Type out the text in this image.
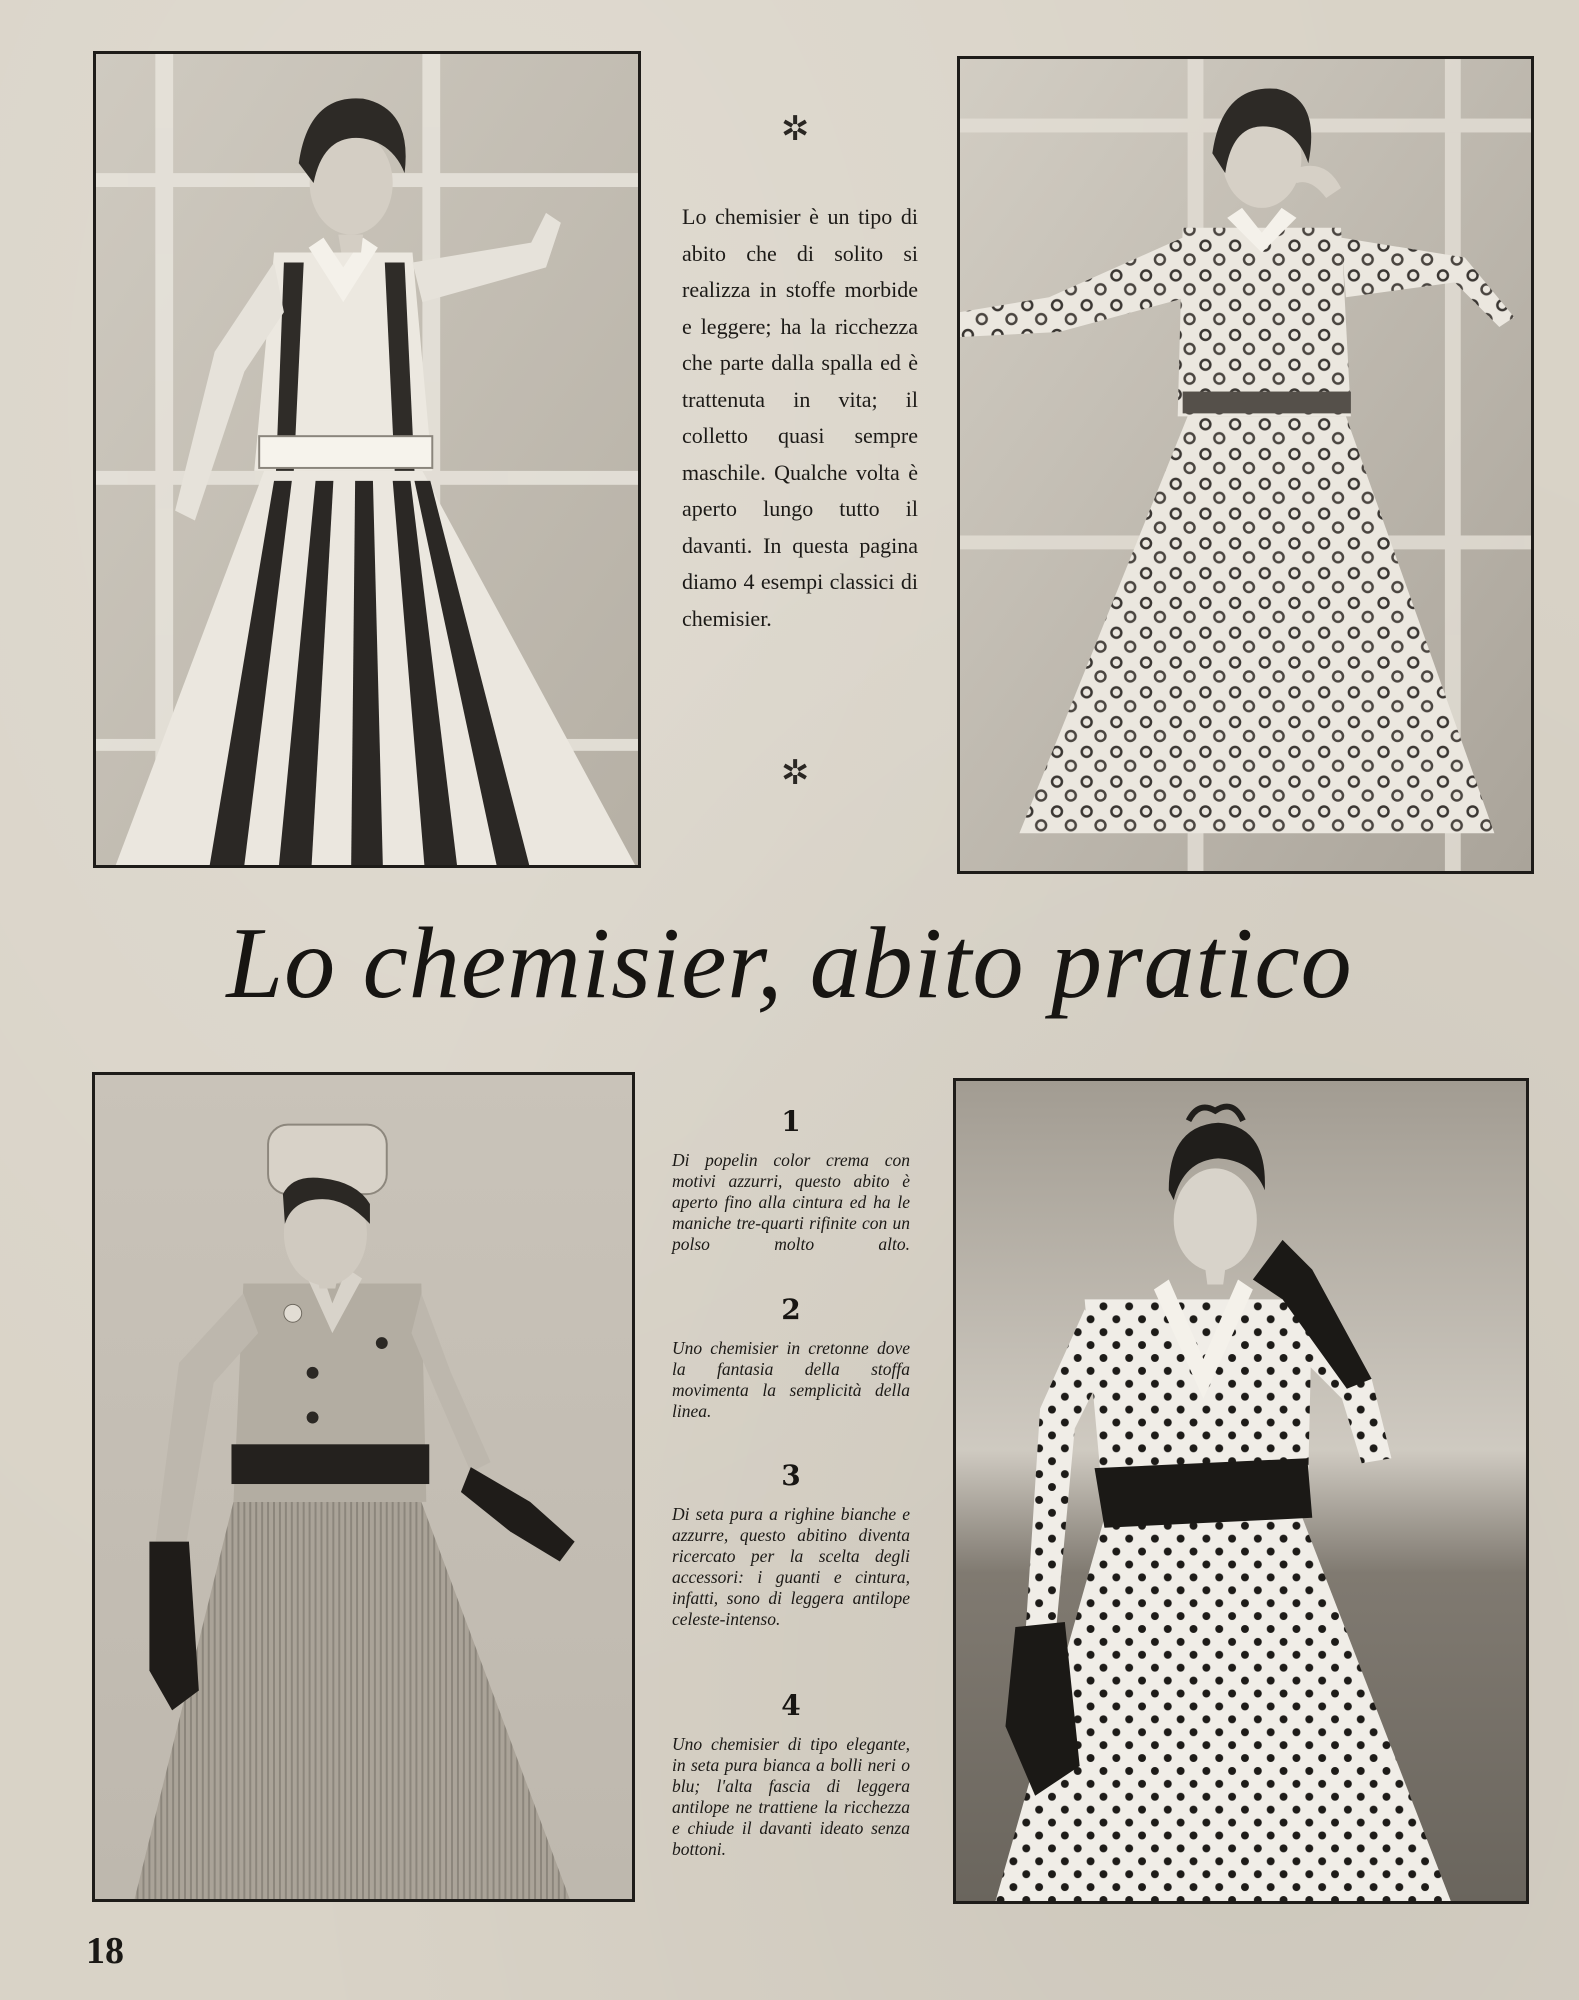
✲

Lo chemisier è un tipo di abito che di solito si realizza in stoffe morbide e leggere; ha la ricchezza che parte dalla spalla ed è trattenuta in vita; il colletto quasi sempre maschile. Qualche volta è aperto lungo tutto il davanti. In questa pagina diamo 4 esempi classici di chemisier.

✲
Lo chemisier, abito pratico
1
Di popelin color crema con motivi azzurri, questo abito è aperto fino alla cintura ed ha le maniche tre-quarti rifinite con un polso molto alto.
2
Uno chemisier in cretonne dove la fantasia della stoffa movimenta la semplicità della linea.
3
Di seta pura a righine bianche e azzurre, questo abitino diventa ricercato per la scelta degli accessori: i guanti e cintura, infatti, sono di leggera antilope celeste-intenso.
4
Uno chemisier di tipo elegante, in seta pura bianca a bolli neri o blu; l'alta fascia di leggera antilope ne trattiene la ricchezza e chiude il davanti ideato senza bottoni.
18
